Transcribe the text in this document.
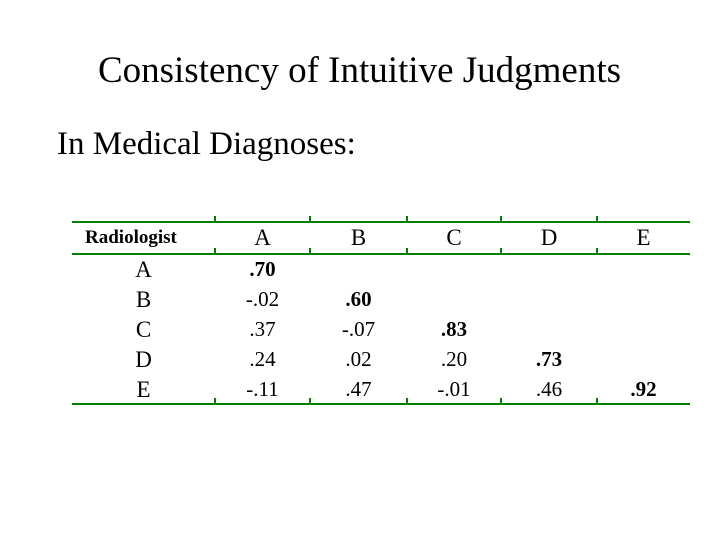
Consistency of Intuitive Judgments
In Medical Diagnoses:
Radiologist	A	B	C	D	E
A	.70
B	-.02	.60
C	.37	-.07	.83
D	.24	.02	.20	.73
E	-.11	.47	-.01	.46	.92
